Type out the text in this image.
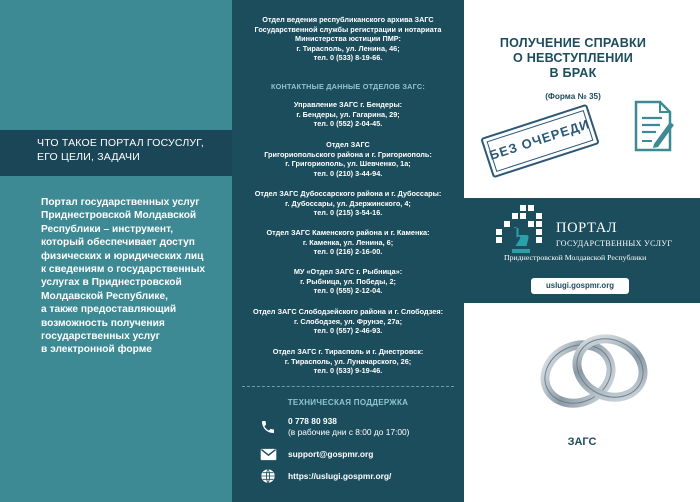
ЧТО ТАКОЕ ПОРТАЛ ГОСУСЛУГ,
ЕГО ЦЕЛИ, ЗАДАЧИ

Портал государственных услуг
Приднестровской Молдавской
Республики – инструмент,
который обеспечивает доступ
физических и юридических лиц
к сведениям о государственных
услугах в Приднестровской
Молдавской Республике,
а также предоставляющий
возможность получения
государственных услуг
в электронной форме
Отдел ведения республиканского архива ЗАГС
Государственной службы регистрации и нотариата
Министерства юстиции ПМР:
г. Тирасполь, ул. Ленина, 46;
тел. 0 (533) 8-19-66.
КОНТАКТНЫЕ ДАННЫЕ ОТДЕЛОВ ЗАГС:
Управление ЗАГС г. Бендеры:
г. Бендеры, ул. Гагарина, 29;
тел. 0 (552) 2-04-45.
Отдел ЗАГС
Григориопольского района и г. Григориополь:
г. Григориополь, ул. Шевченко, 1а;
тел. 0 (210) 3-44-94.
Отдел ЗАГС Дубоссарского района и г. Дубоссары:
г. Дубоссары, ул. Дзержинского, 4;
тел. 0 (215) 3-54-16.
Отдел ЗАГС Каменского района и г. Каменка:
г. Каменка, ул. Ленина, 6;
тел. 0 (216) 2-16-00.
МУ «Отдел ЗАГС г. Рыбница»:
г. Рыбница, ул. Победы, 2;
тел. 0 (555) 2-12-04.
Отдел ЗАГС Слободзейского района и г. Слободзея:
г. Слободзея, ул. Фрунзе, 27а;
тел. 0 (557) 2-46-93.
Отдел ЗАГС г. Тирасполь и г. Днестровск:
г. Тирасполь, ул. Луначарского, 26;
тел. 0 (533) 9-19-46.
ТЕХНИЧЕСКАЯ ПОДДЕРЖКА
0 778 80 938
(в рабочие дни с 8:00 до 17:00)
support@gospmr.org
https://uslugi.gospmr.org/
ПОЛУЧЕНИЕ СПРАВКИ
О НЕВСТУПЛЕНИИ
В БРАК
(Форма № 35)
БЕЗ ОЧЕРЕДИ
ПОРТАЛ
ГОСУДАРСТВЕННЫХ УСЛУГ
Приднестровской Молдавской Республики
uslugi.gospmr.org
ЗАГС
